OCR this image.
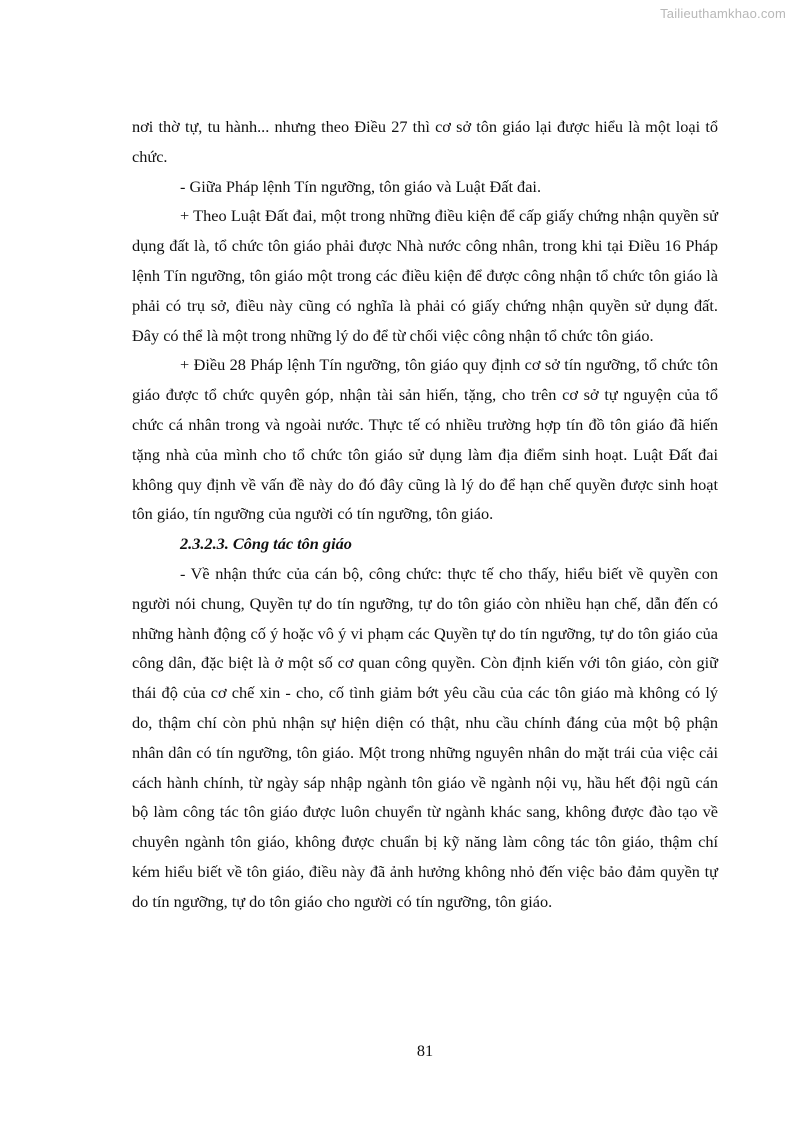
Tailieuthamkhao.com

nơi thờ tự, tu hành... nhưng theo Điều 27 thì cơ sở tôn giáo lại được hiểu là một loại tổ chức.

- Giữa Pháp lệnh Tín ngưỡng, tôn giáo và Luật Đất đai.

+ Theo Luật Đất đai, một trong những điều kiện để cấp giấy chứng nhận quyền sử dụng đất là, tổ chức tôn giáo phải được Nhà nước công nhân, trong khi tại Điều 16 Pháp lệnh Tín ngưỡng, tôn giáo một trong các điều kiện để được công nhận tổ chức tôn giáo là phải có trụ sở, điều này cũng có nghĩa là phải có giấy chứng nhận quyền sử dụng đất. Đây có thể là một trong những lý do để từ chối việc công nhận tổ chức tôn giáo.

+ Điều 28 Pháp lệnh Tín ngưỡng, tôn giáo quy định cơ sở tín ngưỡng, tổ chức tôn giáo được tổ chức quyên góp, nhận tài sản hiến, tặng, cho trên cơ sở tự nguyện của tổ chức cá nhân trong và ngoài nước. Thực tế có nhiều trường hợp tín đồ tôn giáo đã hiến tặng nhà của mình cho tổ chức tôn giáo sử dụng làm địa điểm sinh hoạt. Luật Đất đai không quy định về vấn đề này do đó đây cũng là lý do để hạn chế quyền được sinh hoạt tôn giáo, tín ngưỡng của người có tín ngưỡng, tôn giáo.

2.3.2.3. Công tác tôn giáo

- Về nhận thức của cán bộ, công chức: thực tế cho thấy, hiểu biết về quyền con người nói chung, Quyền tự do tín ngưỡng, tự do tôn giáo còn nhiều hạn chế, dẫn đến có những hành động cố ý hoặc vô ý vi phạm các Quyền tự do tín ngưỡng, tự do tôn giáo của công dân, đặc biệt là ở một số cơ quan công quyền. Còn định kiến với tôn giáo, còn giữ thái độ của cơ chế xin - cho, cố tình giảm bớt yêu cầu của các tôn giáo mà không có lý do, thậm chí còn phủ nhận sự hiện diện có thật, nhu cầu chính đáng của một bộ phận nhân dân có tín ngưỡng, tôn giáo. Một trong những nguyên nhân do mặt trái của việc cải cách hành chính, từ ngày sáp nhập ngành tôn giáo về ngành nội vụ, hầu hết đội ngũ cán bộ làm công tác tôn giáo được luôn chuyển từ ngành khác sang, không được đào tạo về chuyên ngành tôn giáo, không được chuẩn bị kỹ năng làm công tác tôn giáo, thậm chí kém hiểu biết về tôn giáo, điều này đã ảnh hưởng không nhỏ đến việc bảo đảm quyền tự do tín ngưỡng, tự do tôn giáo cho người có tín ngưỡng, tôn giáo.

81
